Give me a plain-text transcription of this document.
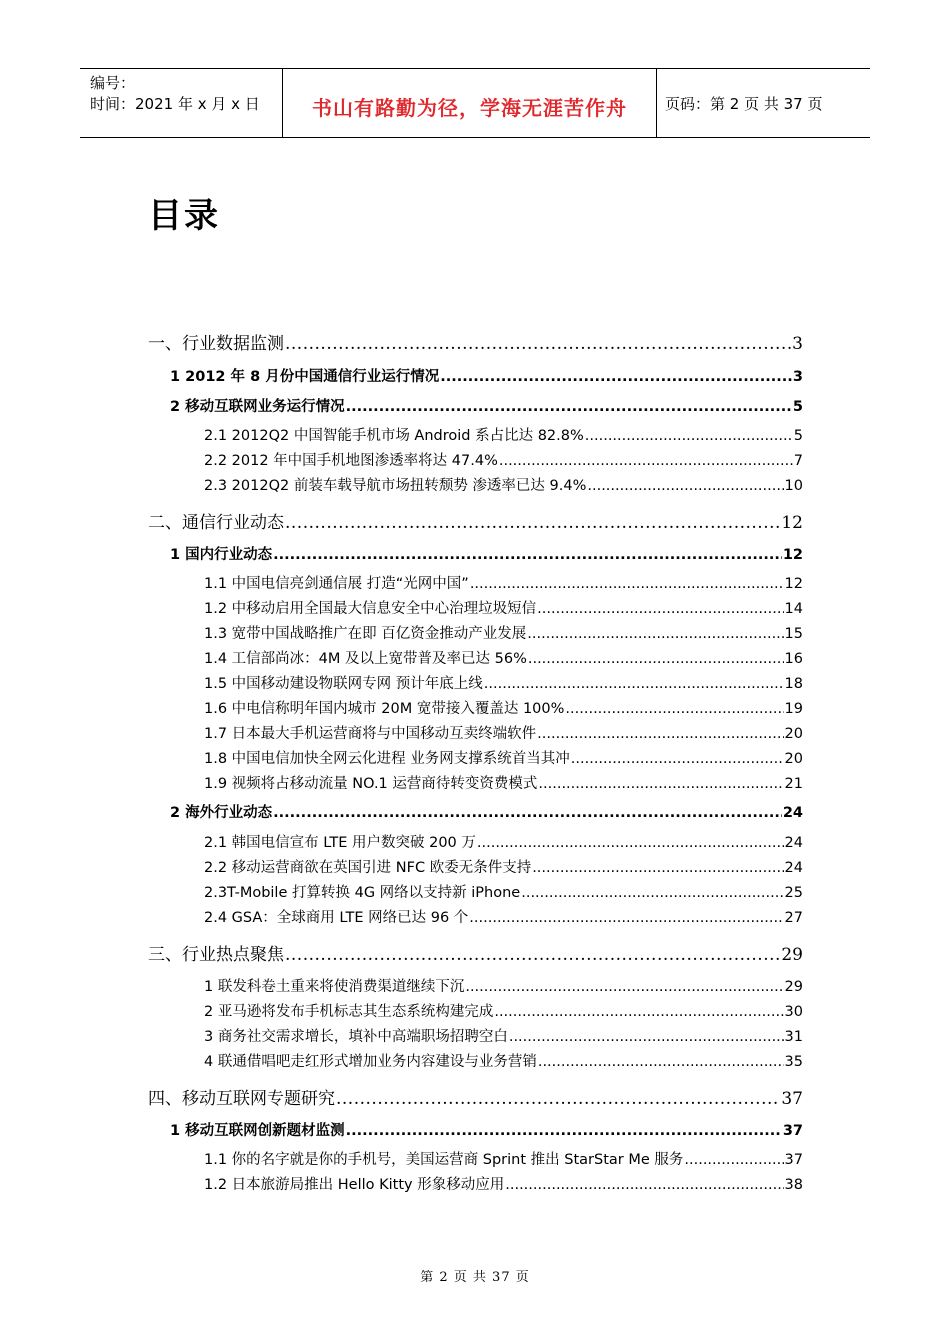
编号：
时间：2021 年 x 月 x 日	书山有路勤为径，学海无涯苦作舟	页码：第 2 页 共 37 页
目录
一、行业数据监测 .....	3
1 2012 年 8 月份中国通信行业运行情况 .....	3
2 移动互联网业务运行情况 .....	5
2.1 2012Q2 中国智能手机市场 Android 系占比达 82.8% .....	5
2.2 2012 年中国手机地图渗透率将达 47.4% .....	7
2.3 2012Q2 前装车载导航市场扭转颓势 渗透率已达 9.4% .....	10
二、通信行业动态 .....	12
1 国内行业动态 .....	12
1.1 中国电信亮剑通信展 打造“光网中国” .....	12
1.2 中移动启用全国最大信息安全中心治理垃圾短信 .....	14
1.3 宽带中国战略推广在即 百亿资金推动产业发展 .....	15
1.4 工信部尚冰：4M 及以上宽带普及率已达 56% .....	16
1.5 中国移动建设物联网专网 预计年底上线 .....	18
1.6 中电信称明年国内城市 20M 宽带接入覆盖达 100% .....	19
1.7 日本最大手机运营商将与中国移动互卖终端软件 .....	20
1.8 中国电信加快全网云化进程 业务网支撑系统首当其冲 .....	20
1.9 视频将占移动流量 NO.1 运营商待转变资费模式 .....	21
2 海外行业动态 .....	24
2.1 韩国电信宣布 LTE 用户数突破 200 万 .....	24
2.2 移动运营商欲在英国引进 NFC 欧委无条件支持 .....	24
2.3T-Mobile 打算转换 4G 网络以支持新 iPhone .....	25
2.4 GSA：全球商用 LTE 网络已达 96 个 .....	27
三、行业热点聚焦 .....	29
1 联发科卷土重来将使消费渠道继续下沉 .....	29
2 亚马逊将发布手机标志其生态系统构建完成 .....	30
3 商务社交需求增长，填补中高端职场招聘空白 .....	31
4 联通借唱吧走红形式增加业务内容建设与业务营销 .....	35
四、移动互联网专题研究 .....	37
1 移动互联网创新题材监测 .....	37
1.1 你的名字就是你的手机号，美国运营商 Sprint 推出 StarStar Me 服务 .....	37
1.2 日本旅游局推出 Hello Kitty 形象移动应用 .....	38
第 2 页 共 37 页
